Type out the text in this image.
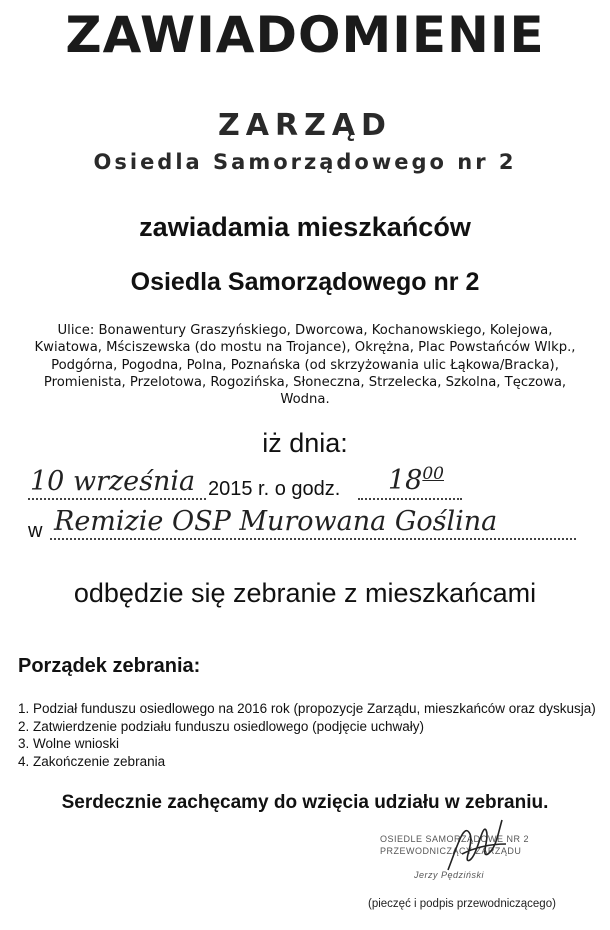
ZAWIADOMIENIE
ZARZĄD
Osiedla Samorządowego nr 2
zawiadamia mieszkańców
Osiedla Samorządowego nr 2
Ulice: Bonawentury Graszyńskiego, Dworcowa, Kochanowskiego, Kolejowa, Kwiatowa, Mściszewska (do mostu na Trojance), Okrężna, Plac Powstańców Wlkp., Podgórna, Pogodna, Polna, Poznańska (od skrzyżowania ulic Łąkowa/Bracka), Promienista, Przelotowa, Rogozińska, Słoneczna, Strzelecka, Szkolna, Tęczowa, Wodna.
iż dnia:
10 września 2015 r. o godz. $18^{00}$
w Remizie OSP Murowana Goślina
odbędzie się zebranie z mieszkańcami
Porządek zebrania:
1. Podział funduszu osiedlowego na 2016 rok (propozycje Zarządu, mieszkańców oraz dyskusja)
2. Zatwierdzenie podziału funduszu osiedlowego (podjęcie uchwały)
3. Wolne wnioski
4. Zakończenie zebrania
Serdecznie zachęcamy do wzięcia udziału w zebraniu.
OSIEDLE SAMORZĄDOWE NR 2
PRZEWODNICZĄCY ZARZĄDU
Jerzy Pędziński
(pieczęć i podpis przewodniczącego)
